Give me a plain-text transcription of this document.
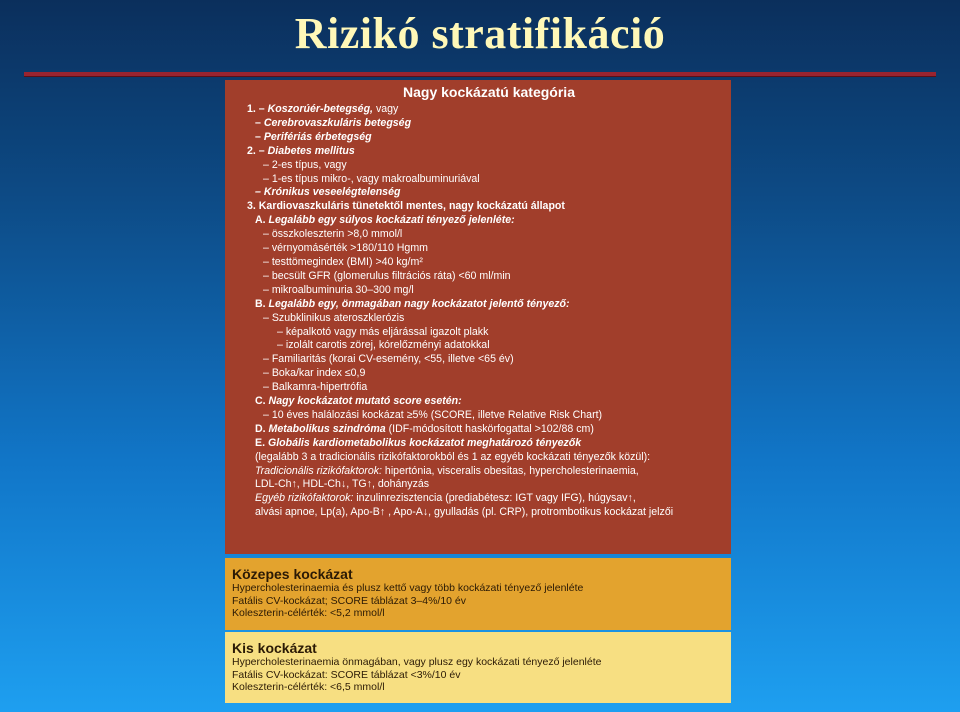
Rizikó stratifikáció
Nagy kockázatú kategória
1. – Koszorúér-betegség, vagy
– Cerebrovaszkuláris betegség
– Perifériás érbetegség
2. – Diabetes mellitus
– 2-es típus, vagy
– 1-es típus mikro-, vagy makroalbuminuriával
– Krónikus veseelégtelenség
3. Kardiovaszkuláris tünetektől mentes, nagy kockázatú állapot
A. Legalább egy súlyos kockázati tényező jelenléte:
– összkoleszterin >8,0 mmol/l
– vérnyomásérték >180/110 Hgmm
– testtömegindex (BMI) >40 kg/m²
– becsült GFR (glomerulus filtrációs ráta) <60 ml/min
– mikroalbuminuria 30–300 mg/l
B. Legalább egy, önmagában nagy kockázatot jelentő tényező:
– Szubklinikus ateroszklerózis
– képalkotó vagy más eljárással igazolt plakk
– izolált carotis zörej, kórelőzményi adatokkal
– Familiaritás (korai CV-esemény, <55, illetve <65 év)
– Boka/kar index ≤0,9
– Balkamra-hipertrófia
C. Nagy kockázatot mutató score esetén:
– 10 éves halálozási kockázat ≥5% (SCORE, illetve Relative Risk Chart)
D. Metabolikus szindróma (IDF-módosított haskörfogattal >102/88 cm)
E. Globális kardiometabolikus kockázatot meghatározó tényezők
(legalább 3 a tradicionális rizikófaktorokból és 1 az egyéb kockázati tényezők közül):
Tradicionális rizikófaktorok: hipertónia, visceralis obesitas, hypercholesterinaemia,
LDL-Ch↑, HDL-Ch↓, TG↑, dohányzás
Egyéb rizikófaktorok: inzulinrezisztencia (prediabétesz: IGT vagy IFG), húgysav↑,
alvási apnoe, Lp(a), Apo-B↑ , Apo-A↓, gyulladás (pl. CRP), protrombotikus kockázat jelzői
Közepes kockázat
Hypercholesterinaemia és plusz kettő vagy több kockázati tényező jelenléte
Fatális CV-kockázat; SCORE táblázat 3–4%/10 év
Koleszterin-célérték: <5,2 mmol/l
Kis kockázat
Hypercholesterinaemia önmagában, vagy plusz egy kockázati tényező jelenléte
Fatális CV-kockázat: SCORE táblázat <3%/10 év
Koleszterin-célérték: <6,5 mmol/l
